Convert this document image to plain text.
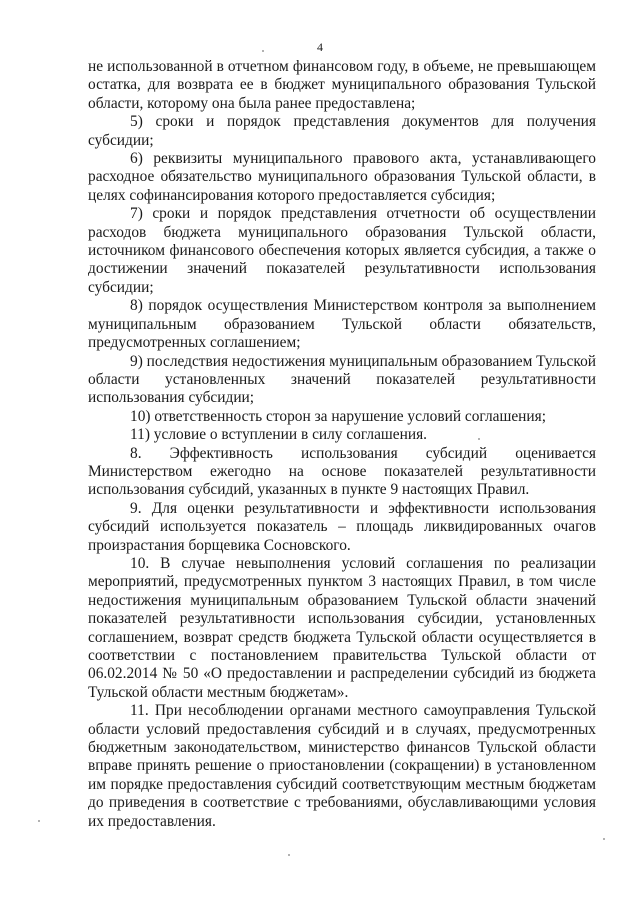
4

не использованной в отчетном финансовом году, в объеме, не превышающем остатка, для возврата ее в бюджет муниципального образования Тульской области, которому она была ранее предоставлена;

5) сроки и порядок представления документов для получения субсидии;

6) реквизиты муниципального правового акта, устанавливающего расходное обязательство муниципального образования Тульской области, в целях софинансирования которого предоставляется субсидия;

7) сроки и порядок представления отчетности об осуществлении расходов бюджета муниципального образования Тульской области, источником финансового обеспечения которых является субсидия, а также о достижении значений показателей результативности использования субсидии;

8) порядок осуществления Министерством контроля за выполнением муниципальным образованием Тульской области обязательств, предусмотренных соглашением;

9) последствия недостижения муниципальным образованием Тульской области установленных значений показателей результативности использования субсидии;

10) ответственность сторон за нарушение условий соглашения;

11) условие о вступлении в силу соглашения.

8. Эффективность использования субсидий оценивается Министерством ежегодно на основе показателей результативности использования субсидий, указанных в пункте 9 настоящих Правил.

9. Для оценки результативности и эффективности использования субсидий используется показатель – площадь ликвидированных очагов произрастания борщевика Сосновского.

10. В случае невыполнения условий соглашения по реализации мероприятий, предусмотренных пунктом 3 настоящих Правил, в том числе недостижения муниципальным образованием Тульской области значений показателей результативности использования субсидии, установленных соглашением, возврат средств бюджета Тульской области осуществляется в соответствии с постановлением правительства Тульской области от 06.02.2014 № 50 «О предоставлении и распределении субсидий из бюджета Тульской области местным бюджетам».

11. При несоблюдении органами местного самоуправления Тульской области условий предоставления субсидий и в случаях, предусмотренных бюджетным законодательством, министерство финансов Тульской области вправе принять решение о приостановлении (сокращении) в установленном им порядке предоставления субсидий соответствующим местным бюджетам до приведения в соответствие с требованиями, обуславливающими условия их предоставления.
